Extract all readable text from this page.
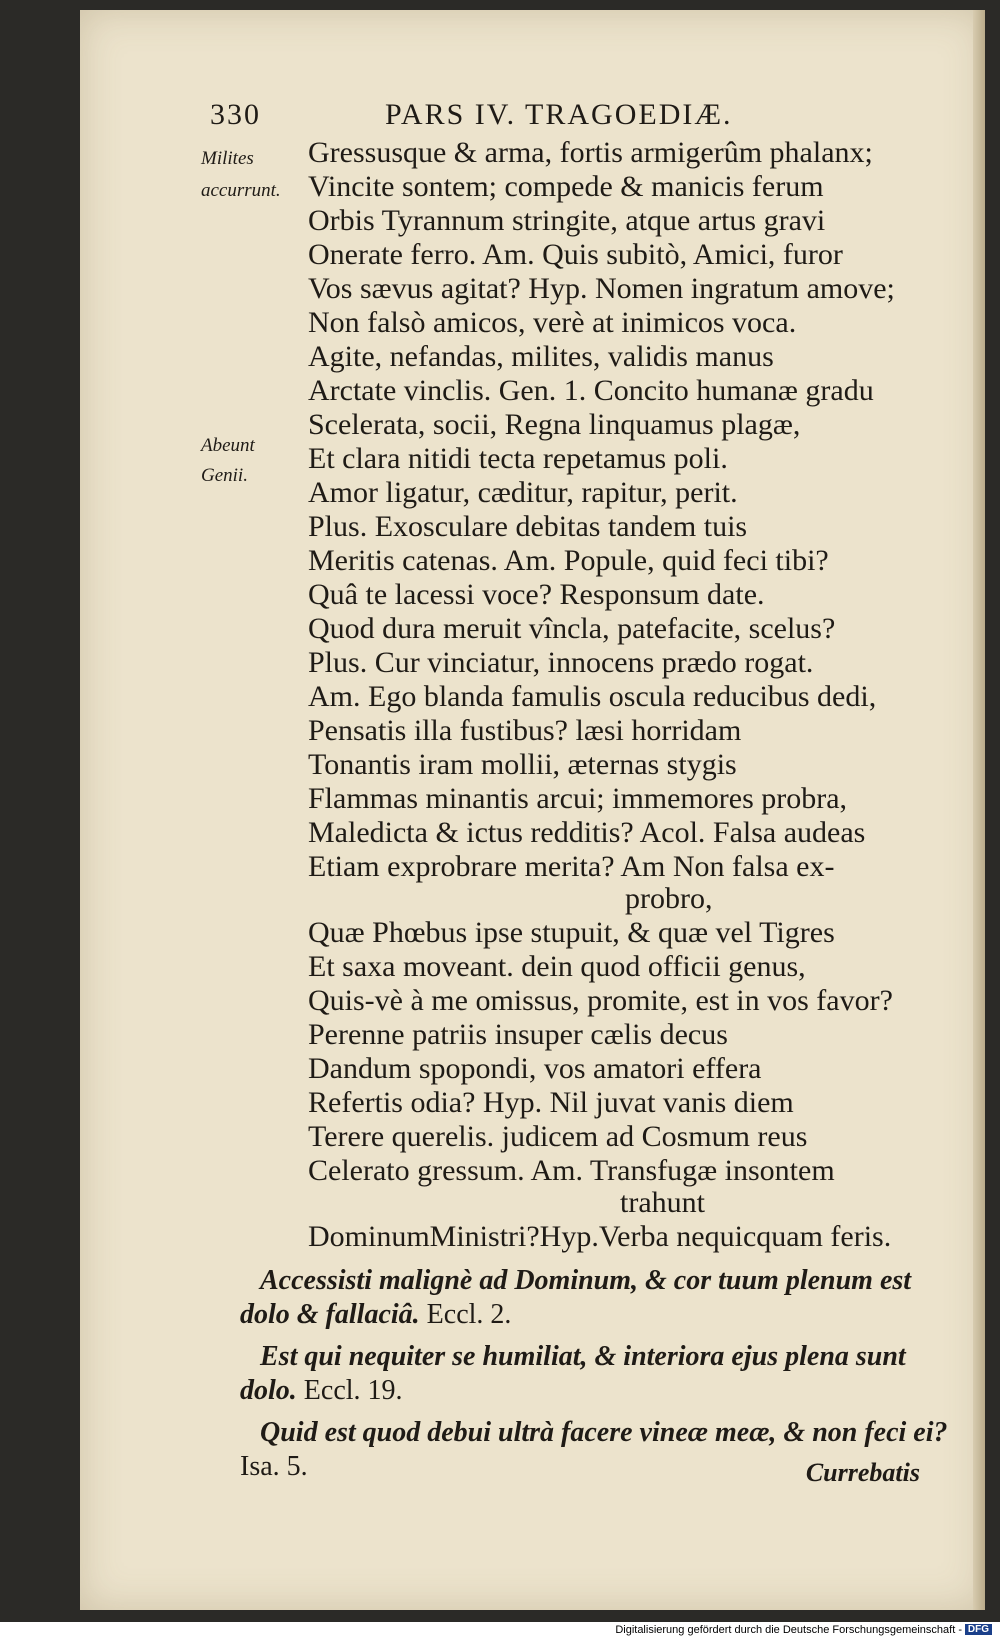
330	PARS IV. TRAGOEDIÆ.
Milites
accurrunt.
Abeunt
Genii.
Gressusque & arma, fortis armigerûm phalanx;
Vincite sontem; compede & manicis ferum
Orbis Tyrannum stringite, atque artus gravi
Onerate ferro. Am. Quis subitò, Amici, furor
Vos sævus agitat? Hyp. Nomen ingratum amove;
Non falsò amicos, verè at inimicos voca.
Agite, nefandas, milites, validis manus
Arctate vinclis. Gen. 1. Concito humanæ gradu
Scelerata, socii, Regna linquamus plagæ,
Et clara nitidi tecta repetamus poli.
Amor ligatur, cæditur, rapitur, perit.
Plus. Exosculare debitas tandem tuis
Meritis catenas. Am. Popule, quid feci tibi?
Quâ te lacessi voce? Responsum date.
Quod dura meruit vîncla, patefacite, scelus?
Plus. Cur vinciatur, innocens prædo rogat.
Am. Ego blanda famulis oscula reducibus dedi,
Pensatis illa fustibus? læsi horridam
Tonantis iram mollii, æternas stygis
Flammas minantis arcui; immemores probra,
Maledicta & ictus redditis? Acol. Falsa audeas
Etiam exprobrare merita? Am Non falsa ex-
probro,
Quæ Phœbus ipse stupuit, & quæ vel Tigres
Et saxa moveant. dein quod officii genus,
Quis-vè à me omissus, promite, est in vos favor?
Perenne patriis insuper cælis decus
Dandum spopondi, vos amatori effera
Refertis odia? Hyp. Nil juvat vanis diem
Terere querelis. judicem ad Cosmum reus
Celerato gressum. Am. Transfugæ insontem
trahunt
DominumMinistri?Hyp.Verba nequicquam feris.
Accessisti malignè ad Dominum, & cor tuum plenum est
dolo & fallaciâ. Eccl. 2.
Est qui nequiter se humiliat, & interiora ejus plena sunt
dolo. Eccl. 19.
Quid est quod debui ultrà facere vineæ meæ, & non feci ei?
Isa. 5.	Currebatis
Digitalisierung gefördert durch die Deutsche Forschungsgemeinschaft - DFG
